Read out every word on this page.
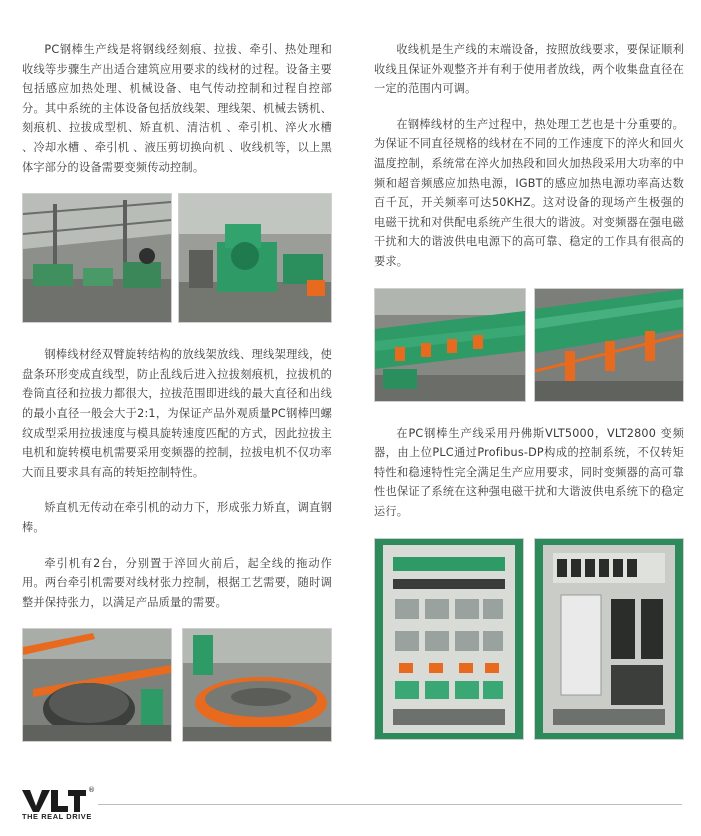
PC钢棒生产线是将钢线经刻痕、拉拔、牵引、热处理和收线等步骤生产出适合建筑应用要求的线材的过程。设备主要包括感应加热处理、机械设备、电气传动控制和过程自控部分。其中系统的主体设备包括放线架、理线架、机械去锈机、刻痕机、拉拔成型机、矫直机、清洁机 、牵引机、淬火水槽 、冷却水槽 、牵引机 、液压剪切换向机 、收线机等，以上黑体字部分的设备需要变频传动控制。

钢棒线材经双臂旋转结构的放线架放线、理线架理线，使盘条环形变成直线型，防止乱线后进入拉拔刻痕机，拉拔机的卷筒直径和拉拔力都很大，拉拔范围即进线的最大直径和出线的最小直径一般会大于2:1，为保证产品外观质量PC钢棒凹螺纹成型采用拉拔速度与模具旋转速度匹配的方式，因此拉拔主电机和旋转模电机需要采用变频器的控制，拉拔电机不仅功率大而且要求具有高的转矩控制特性。

矫直机无传动在牵引机的动力下，形成张力矫直，调直钢棒。

牵引机有2台，分别置于淬回火前后，起全线的拖动作用。两台牵引机需要对线材张力控制，根据工艺需要，随时调整并保持张力，以满足产品质量的需要。

收线机是生产线的末端设备，按照放线要求，要保证顺利收线且保证外观整齐并有利于使用者放线，两个收集盘直径在一定的范围内可调。

在钢棒线材的生产过程中，热处理工艺也是十分重要的。为保证不同直径规格的线材在不同的工作速度下的淬火和回火温度控制，系统常在淬火加热段和回火加热段采用大功率的中频和超音频感应加热电源，IGBT的感应加热电源功率高达数百千瓦，开关频率可达50KHZ。这对设备的现场产生极强的电磁干扰和对供配电系统产生很大的谐波。对变频器在强电磁干扰和大的谐波供电电源下的高可靠、稳定的工作具有很高的要求。

在PC钢棒生产线采用丹佛斯VLT5000，VLT2800 变频器，由上位PLC通过Profibus-DP构成的控制系统，不仅转矩特性和稳速特性完全满足生产应用要求，同时变频器的高可靠性也保证了系统在这种强电磁干扰和大谐波供电系统下的稳定运行。

®
THE REAL DRIVE
